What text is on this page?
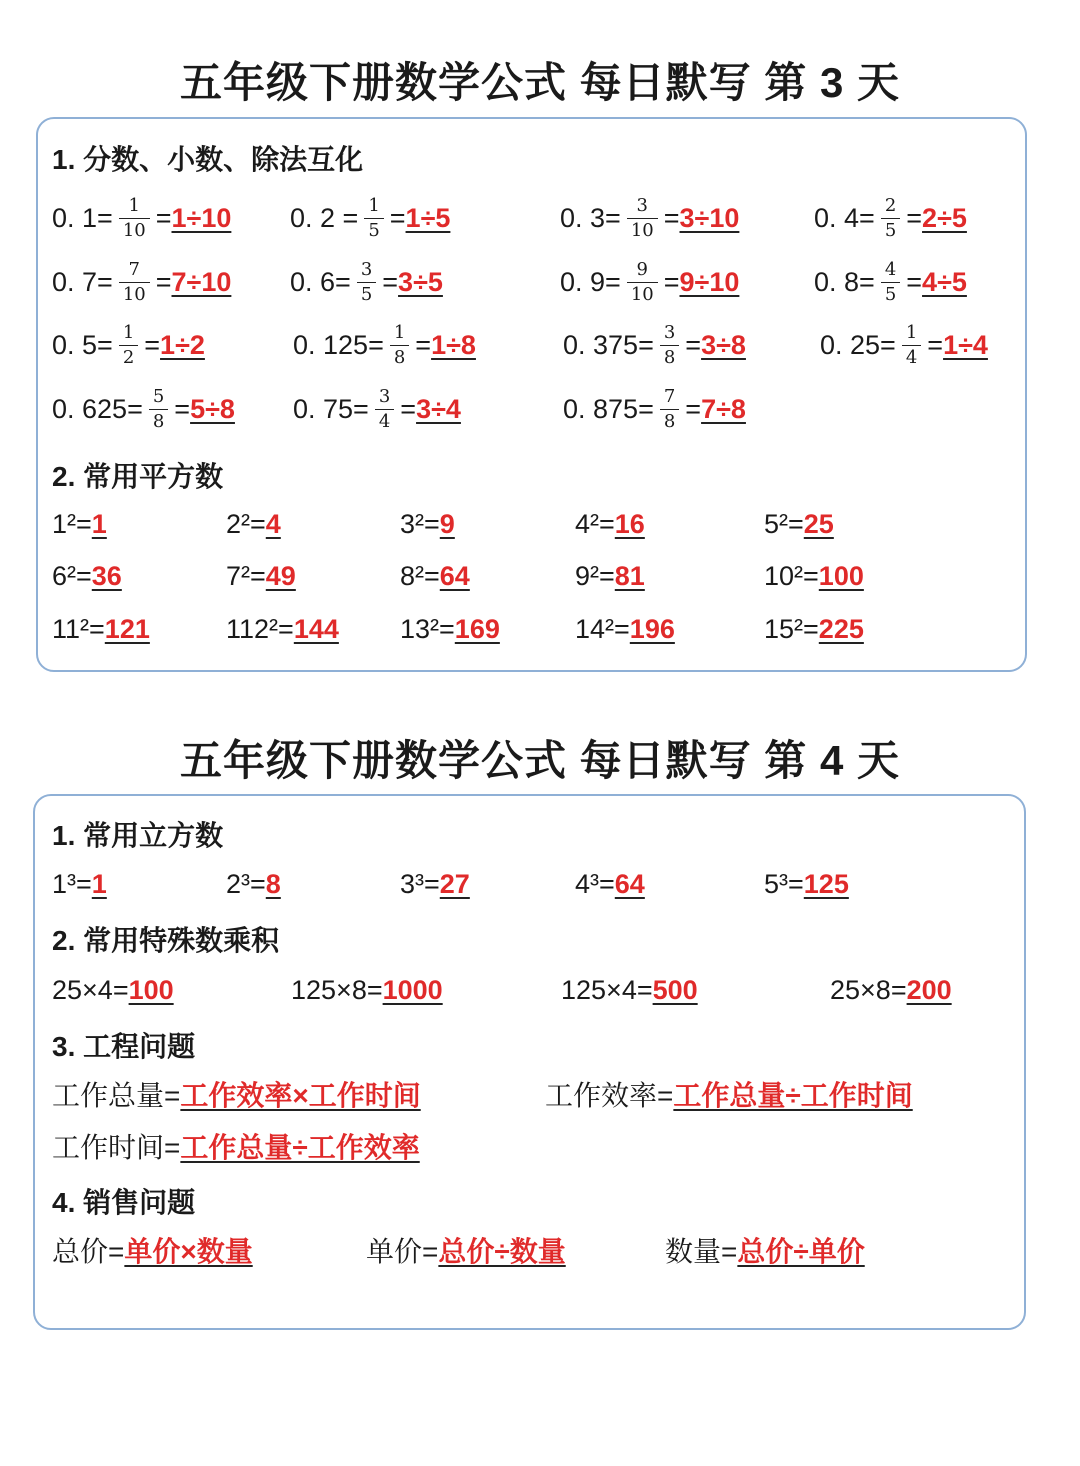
五年级下册数学公式 每日默写 第 3 天
1. 分数、小数、除法互化
0. $1= \frac{1}{10} = 1\div 10$ 0. $2 = \frac{1}{5} = 1\div 5$	0. $3= \frac{3}{10} = 3\div 10$	0. $4= \frac{2}{5} = 2\div 5$
0. $7= \frac{7}{10} = 7\div 10$ 0. $6= \frac{3}{5} = 3\div 5$	0. $9= \frac{9}{10} = 9\div 10$	0. $8= \frac{4}{5} = 4\div 5$
0. $5= \frac{1}{2} = 1\div 2$	0. $125= \frac{1}{8} = 1\div 8$	0. $375= \frac{3}{8} = 3\div 8$	0. $25= \frac{1}{4} = 1\div 4$
0. $625= \frac{5}{8} = 5\div 8$ 0. $75= \frac{3}{4} = 3\div 4$	0. $875= \frac{7}{8} = 7\div 8$
2. 常用平方数
1²= 1	2²= 4	3²= 9	4²= 16	5²= 25
6²= 36	7²= 49	8²= 64	9²= 81	10²= 100
11²= 121	112²= 144	13²= 169	14²= 196	15²= 225
五年级下册数学公式 每日默写 第 4 天
1. 常用立方数
1³= 1	2³= 8	3³= 27	4³= 64	5³= 125
2. 常用特殊数乘积
25×4= 100	125×8= 1000	125×4= 500	25×8= 200
3. 工程问题
工作总量= 工作效率×工作时间	工作效率= 工作总量÷工作时间
工作时间= 工作总量÷工作效率
4. 销售问题
总价= 单价×数量	单价= 总价÷数量	数量= 总价÷单价
